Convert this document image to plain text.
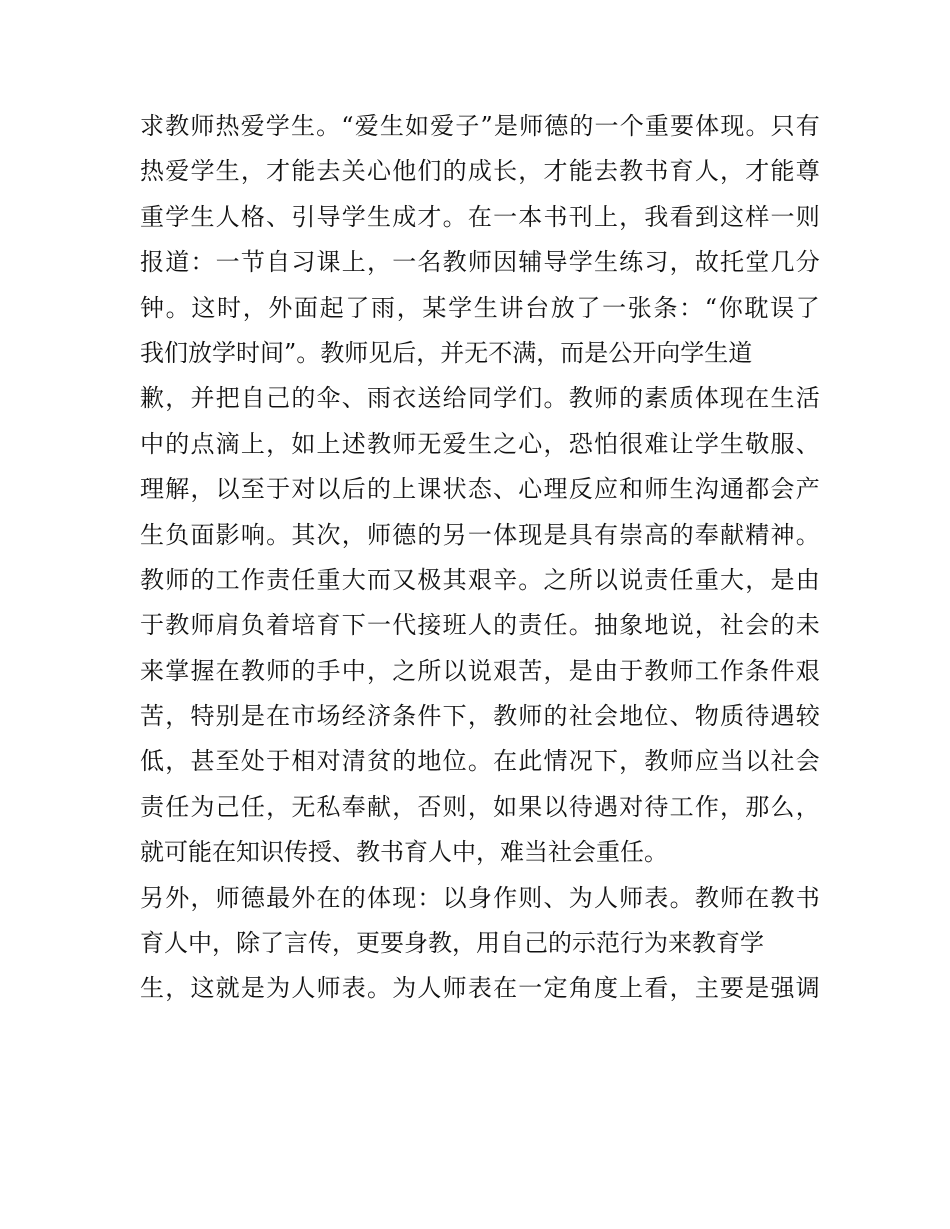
求 教 师 热 爱 学 生 。 “ 爱 生 如 爱 子 ” 是 师 德 的 一 个 重 要 体 现 。 只 有
热 爱 学 生 ， 才 能 去 关 心 他 们 的 成 长 ， 才 能 去 教 书 育 人 ， 才 能 尊
重 学 生 人 格 、 引 导 学 生 成 才 。 在 一 本 书 刊 上 ， 我 看 到 这 样 一 则
报 道 ： 一 节 自 习 课 上 ， 一 名 教 师 因 辅 导 学 生 练 习 ， 故 托 堂 几 分
钟 。 这 时 ， 外 面 起 了 雨 ， 某 学 生 讲 台 放 了 一 张 条 ： “ 你 耽 误 了
我们放学时间”。教师见后，并无不满，而是公开向学生道
歉 ， 并 把 自 己 的 伞 、 雨 衣 送 给 同 学 们 。 教 师 的 素 质 体 现 在 生 活
中 的 点 滴 上 ， 如 上 述 教 师 无 爱 生 之 心 ， 恐 怕 很 难 让 学 生 敬 服 、
理 解 ， 以 至 于 对 以 后 的 上 课 状 态 、 心 理 反 应 和 师 生 沟 通 都 会 产
生 负 面 影 响 。 其 次 ， 师 德 的 另 一 体 现 是 具 有 崇 高 的 奉 献 精 神 。
教 师 的 工 作 责 任 重 大 而 又 极 其 艰 辛 。 之 所 以 说 责 任 重 大 ， 是 由
于 教 师 肩 负 着 培 育 下 一 代 接 班 人 的 责 任 。 抽 象 地 说 ， 社 会 的 未
来 掌 握 在 教 师 的 手 中 ， 之 所 以 说 艰 苦 ， 是 由 于 教 师 工 作 条 件 艰
苦 ， 特 别 是 在 市 场 经 济 条 件 下 ， 教 师 的 社 会 地 位 、 物 质 待 遇 较
低 ， 甚 至 处 于 相 对 清 贫 的 地 位 。 在 此 情 况 下 ， 教 师 应 当 以 社 会
责 任 为 己 任 ， 无 私 奉 献 ， 否 则 ， 如 果 以 待 遇 对 待 工 作 ， 那 么 ，
就可能在知识传授、教书育人中，难当社会重任。
另 外 ， 师 德 最 外 在 的 体 现 ： 以 身 作 则 、 为 人 师 表 。 教 师 在 教 书
育人中，除了言传，更要身教，用自己的示范行为来教育学
生 ， 这 就 是 为 人 师 表 。 为 人 师 表 在 一 定 角 度 上 看 ， 主 要 是 强 调
